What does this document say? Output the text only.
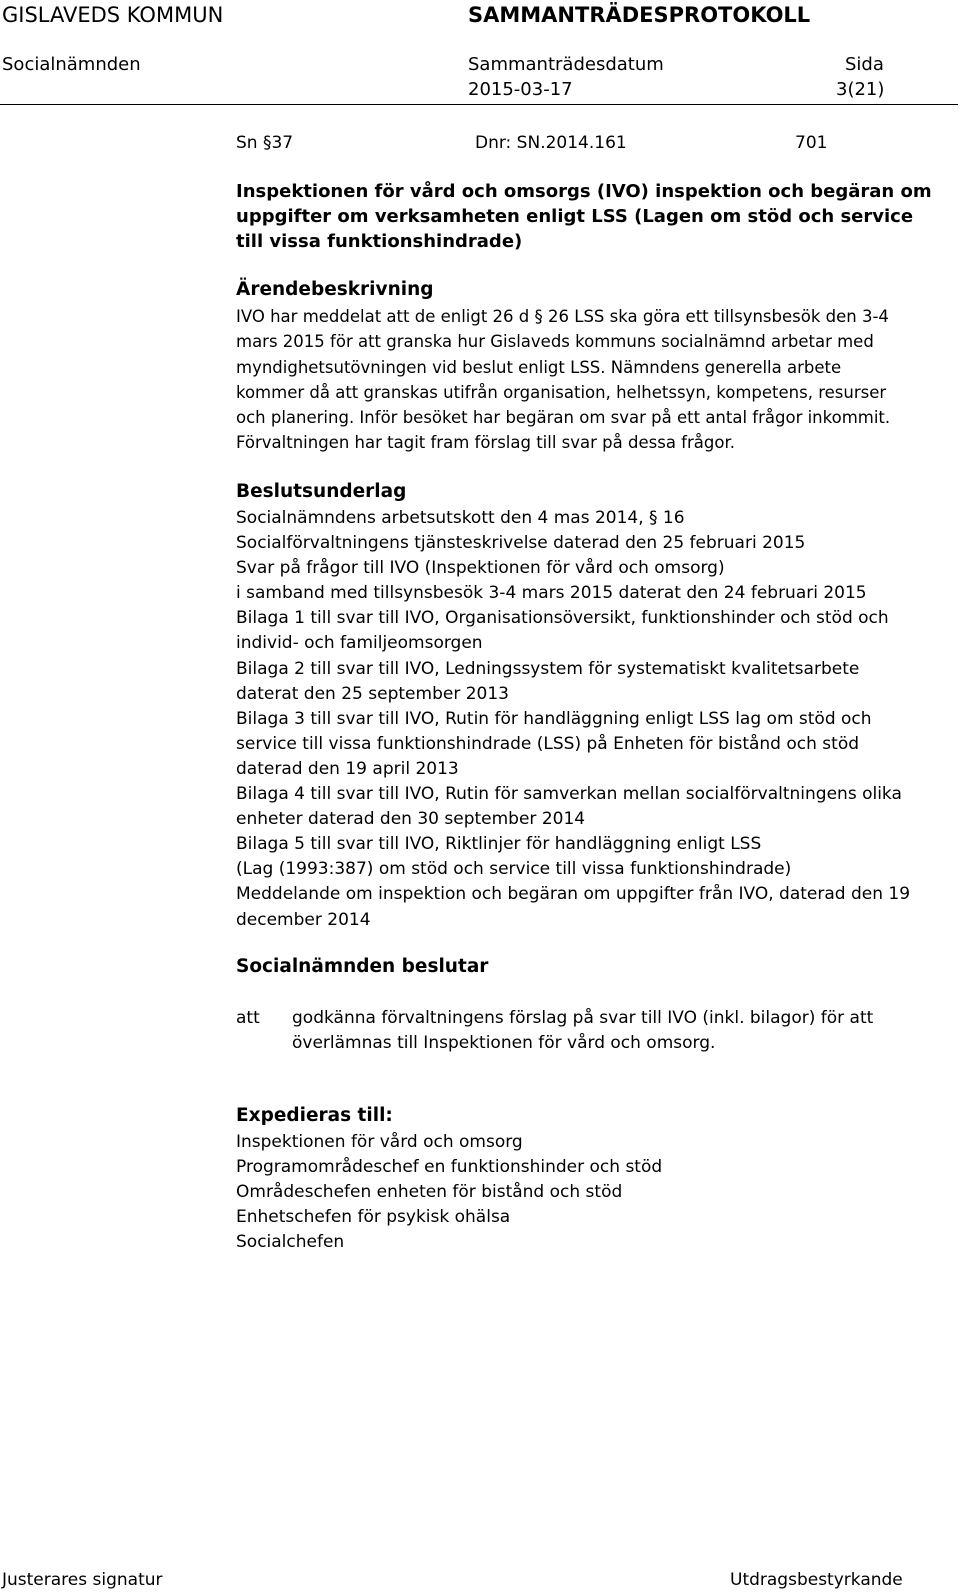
GISLAVEDS KOMMUN	SAMMANTRÄDESPROTOKOLL
Socialnämnden	Sammanträdesdatum
2015-03-17
Sida
3(21)
Sn §37	Dnr: SN.2014.161	701
Inspektionen för vård och omsorgs (IVO) inspektion och begäran om
uppgifter om verksamheten enligt LSS (Lagen om stöd och service
till vissa funktionshindrade)
Ärendebeskrivning
IVO har meddelat att de enligt 26 d § 26 LSS ska göra ett tillsynsbesök den 3-4
mars 2015 för att granska hur Gislaveds kommuns socialnämnd arbetar med
myndighetsutövningen vid beslut enligt LSS. Nämndens generella arbete
kommer då att granskas utifrån organisation, helhetssyn, kompetens, resurser
och planering. Inför besöket har begäran om svar på ett antal frågor inkommit.
Förvaltningen har tagit fram förslag till svar på dessa frågor.
Beslutsunderlag
Socialnämndens arbetsutskott den 4 mas 2014, § 16
Socialförvaltningens tjänsteskrivelse daterad den 25 februari 2015
Svar på frågor till IVO (Inspektionen för vård och omsorg)
i samband med tillsynsbesök 3-4 mars 2015 daterat den 24 februari 2015
Bilaga 1 till svar till IVO, Organisationsöversikt, funktionshinder och stöd och
individ- och familjeomsorgen
Bilaga 2 till svar till IVO, Ledningssystem för systematiskt kvalitetsarbete
daterat den 25 september 2013
Bilaga 3 till svar till IVO, Rutin för handläggning enligt LSS lag om stöd och
service till vissa funktionshindrade (LSS) på Enheten för bistånd och stöd
daterad den 19 april 2013
Bilaga 4 till svar till IVO, Rutin för samverkan mellan socialförvaltningens olika
enheter daterad den 30 september 2014
Bilaga 5 till svar till IVO, Riktlinjer för handläggning enligt LSS
(Lag (1993:387) om stöd och service till vissa funktionshindrade)
Meddelande om inspektion och begäran om uppgifter från IVO, daterad den 19
december 2014
Socialnämnden beslutar
att godkänna förvaltningens förslag på svar till IVO (inkl. bilagor) för att
överlämnas till Inspektionen för vård och omsorg.
Expedieras till:
Inspektionen för vård och omsorg
Programområdeschef en funktionshinder och stöd
Områdeschefen enheten för bistånd och stöd
Enhetschefen för psykisk ohälsa
Socialchefen
Justerares signatur	Utdragsbestyrkande
